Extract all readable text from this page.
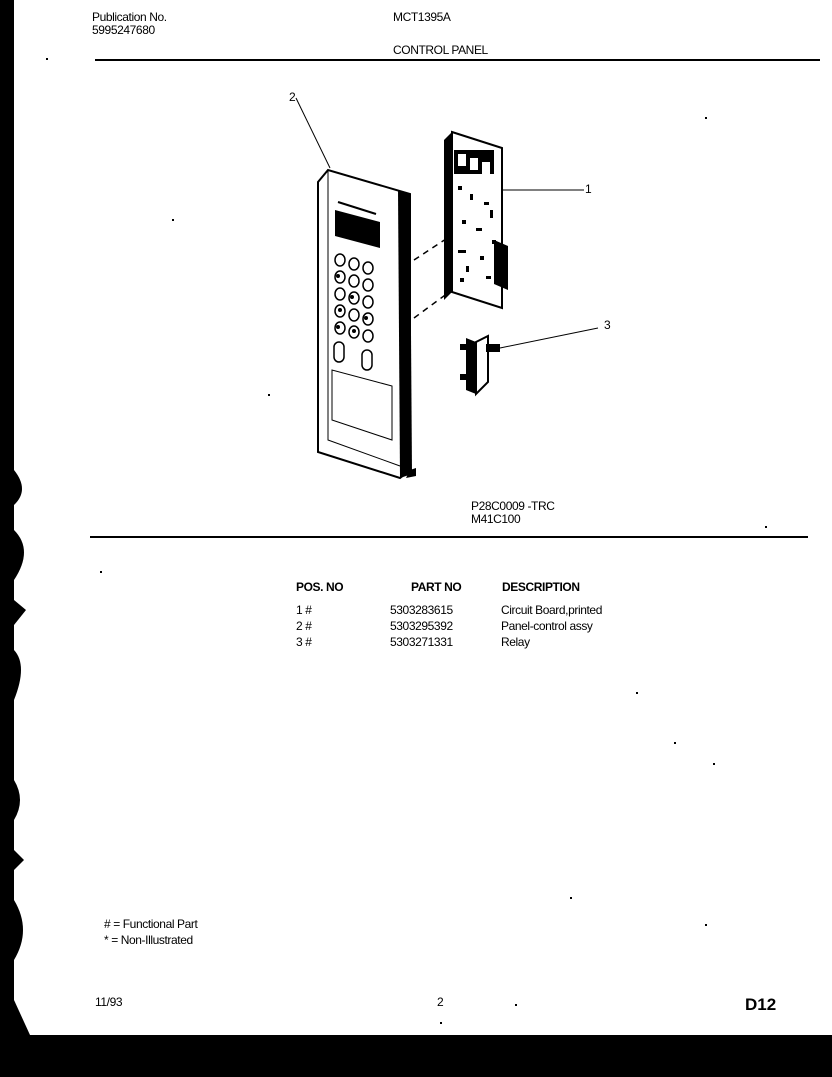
Publication No.
5995247680
MCT1395A
CONTROL PANEL
2
1
3
P28C0009 -TRC
M41C100
POS. NO	PART NO	DESCRIPTION
1 #	5303283615	Circuit Board,printed
2 #	5303295392	Panel-control assy
3 #	5303271331	Relay
# = Functional Part
* = Non-Illustrated
11/93	2	D12
